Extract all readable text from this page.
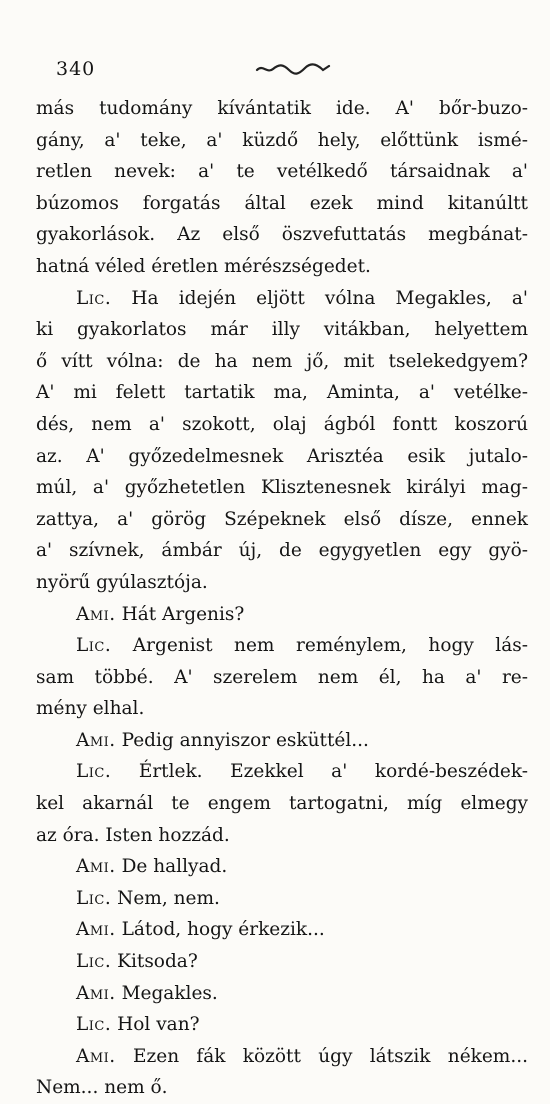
340
más tudomány kívántatik ide. A' bőr-buzo-
gány, a' teke, a' küzdő hely, előttünk ismé-
retlen nevek: a' te vetélkedő társaidnak a'
búzomos forgatás által ezek mind kitanúltt
gyakorlások. Az első öszvefuttatás megbánat-
hatná véled éretlen mérészségedet.
Lic. Ha idején eljött vólna Megakles, a'
ki gyakorlatos már illy vitákban, helyettem
ő vítt vólna: de ha nem jő, mit tselekedgyem?
A' mi felett tartatik ma, Aminta, a' vetélke-
dés, nem a' szokott, olaj ágból fontt koszorú
az. A' győzedelmesnek Arisztéa esik jutalo-
múl, a' győzhetetlen Klisztenesnek királyi mag-
zattya, a' görög Szépeknek első dísze, ennek
a' szívnek, ámbár új, de egygyetlen egy gyö-
nyörű gyúlasztója.
Ami. Hát Argenis?
Lic. Argenist nem reménylem, hogy lás-
sam többé. A' szerelem nem él, ha a' re-
mény elhal.
Ami. Pedig annyiszor esküttél...
Lic. Értlek. Ezekkel a' kordé-beszédek-
kel akarnál te engem tartogatni, míg elmegy
az óra. Isten hozzád.
Ami. De hallyad.
Lic. Nem, nem.
Ami. Látod, hogy érkezik...
Lic. Kitsoda?
Ami. Megakles.
Lic. Hol van?
Ami. Ezen fák között úgy látszik nékem...
Nem... nem ő.
